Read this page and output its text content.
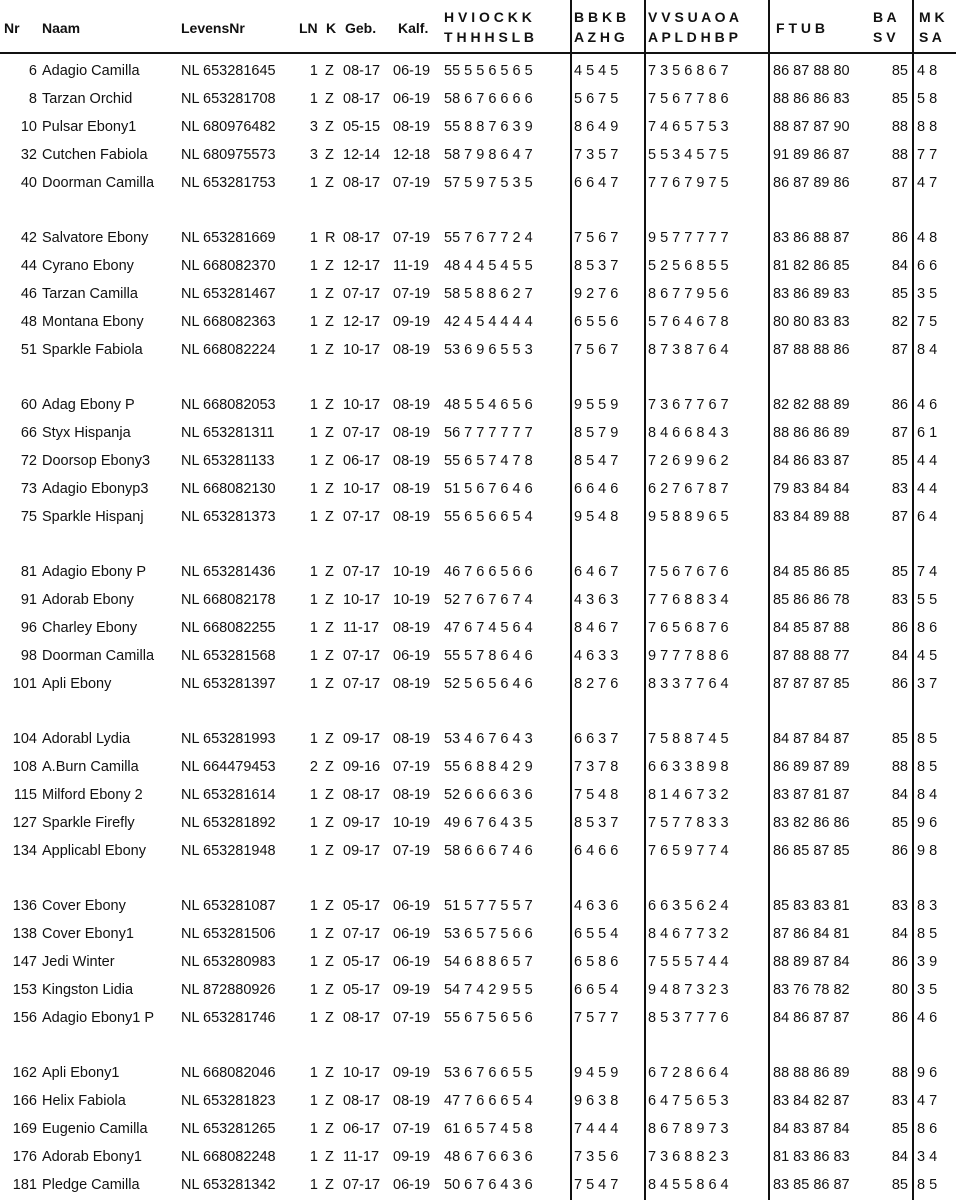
Nr Naam	LevensNr	LN K Geb. Kalf.
H V I O C K K
T H H H S L B
B B K B
A Z H G
V V S U A O A
A P L D H B P
F T U B
B A
S V
M K
S A
6 Adagio Camilla	NL 653281645 1 Z 08-17 06-19 55 5 5 6 5 6 5	4 5 4 5 7 3 5 6 8 6 7	86 87 88 80	85 4 8
8 Tarzan Orchid	NL 653281708 1 Z 08-17 06-19 58 6 7 6 6 6 6	5 6 7 5 7 5 6 7 7 8 6	88 86 86 83	85 5 8
10 Pulsar Ebony1	NL 680976482 3 Z 05-15 08-19 55 8 8 7 6 3 9	8 6 4 9 7 4 6 5 7 5 3	88 87 87 90	88 8 8
32 Cutchen Fabiola NL 680975573 3 Z 12-14 12-18 58 7 9 8 6 4 7	7 3 5 7 5 5 3 4 5 7 5	91 89 86 87	88 7 7
40 Doorman Camilla NL 653281753 1 Z 08-17 07-19 57 5 9 7 5 3 5	6 6 4 7 7 7 6 7 9 7 5	86 87 89 86	87 4 7
42 Salvatore Ebony NL 653281669 1 R 08-17 07-19 55 7 6 7 7 2 4	7 5 6 7 9 5 7 7 7 7 7	83 86 88 87	86 4 8
44 Cyrano Ebony	NL 668082370 1 Z 12-17 11-19 48 4 4 5 4 5 5	8 5 3 7 5 2 5 6 8 5 5	81 82 86 85	84 6 6
46 Tarzan Camilla	NL 653281467 1 Z 07-17 07-19 58 5 8 8 6 2 7	9 2 7 6 8 6 7 7 9 5 6	83 86 89 83	85 3 5
48 Montana Ebony	NL 668082363 1 Z 12-17 09-19 42 4 5 4 4 4 4	6 5 5 6 5 7 6 4 6 7 8	80 80 83 83	82 7 5
51 Sparkle Fabiola	NL 668082224 1 Z 10-17 08-19 53 6 9 6 5 5 3	7 5 6 7 8 7 3 8 7 6 4	87 88 88 86	87 8 4
60 Adag Ebony P	NL 668082053 1 Z 10-17 08-19 48 5 5 4 6 5 6	9 5 5 9 7 3 6 7 7 6 7	82 82 88 89	86 4 6
66 Styx Hispanja	NL 653281311 1 Z 07-17 08-19 56 7 7 7 7 7 7	8 5 7 9 8 4 6 6 8 4 3	88 86 86 89	87 6 1
72 Doorsop Ebony3 NL 653281133 1 Z 06-17 08-19 55 6 5 7 4 7 8	8 5 4 7 7 2 6 9 9 6 2	84 86 83 87	85 4 4
73 Adagio Ebonyp3 NL 668082130 1 Z 10-17 08-19 51 5 6 7 6 4 6	6 6 4 6 6 2 7 6 7 8 7	79 83 84 84	83 4 4
75 Sparkle Hispanj	NL 653281373 1 Z 07-17 08-19 55 6 5 6 6 5 4	9 5 4 8 9 5 8 8 9 6 5	83 84 89 88	87 6 4
81 Adagio Ebony P NL 653281436 1 Z 07-17 10-19 46 7 6 6 5 6 6	6 4 6 7 7 5 6 7 6 7 6	84 85 86 85	85 7 4
91 Adorab Ebony	NL 668082178 1 Z 10-17 10-19 52 7 6 7 6 7 4	4 3 6 3 7 7 6 8 8 3 4	85 86 86 78	83 5 5
96 Charley Ebony	NL 668082255 1 Z 11-17 08-19 47 6 7 4 5 6 4	8 4 6 7 7 6 5 6 8 7 6	84 85 87 88	86 8 6
98 Doorman Camilla NL 653281568 1 Z 07-17 06-19 55 5 7 8 6 4 6	4 6 3 3 9 7 7 7 8 8 6	87 88 88 77	84 4 5
101 Apli Ebony	NL 653281397 1 Z 07-17 08-19 52 5 6 5 6 4 6	8 2 7 6 8 3 3 7 7 6 4	87 87 87 85	86 3 7
104 Adorabl Lydia	NL 653281993 1 Z 09-17 08-19 53 4 6 7 6 4 3	6 6 3 7 7 5 8 8 7 4 5	84 87 84 87	85 8 5
108 A.Burn Camilla	NL 664479453 2 Z 09-16 07-19 55 6 8 8 4 2 9	7 3 7 8 6 6 3 3 8 9 8	86 89 87 89	88 8 5
115 Milford Ebony 2	NL 653281614 1 Z 08-17 08-19 52 6 6 6 6 3 6	7 5 4 8 8 1 4 6 7 3 2	83 87 81 87	84 8 4
127 Sparkle Firefly	NL 653281892 1 Z 09-17 10-19 49 6 7 6 4 3 5	8 5 3 7 7 5 7 7 8 3 3	83 82 86 86	85 9 6
134 Applicabl Ebony NL 653281948 1 Z 09-17 07-19 58 6 6 6 7 4 6	6 4 6 6 7 6 5 9 7 7 4	86 85 87 85	86 9 8
136 Cover Ebony	NL 653281087 1 Z 05-17 06-19 51 5 7 7 5 5 7	4 6 3 6 6 6 3 5 6 2 4	85 83 83 81	83 8 3
138 Cover Ebony1	NL 653281506 1 Z 07-17 06-19 53 6 5 7 5 6 6	6 5 5 4 8 4 6 7 7 3 2	87 86 84 81	84 8 5
147 Jedi Winter	NL 653280983 1 Z 05-17 06-19 54 6 8 8 6 5 7	6 5 8 6 7 5 5 5 7 4 4	88 89 87 84	86 3 9
153 Kingston Lidia	NL 872880926 1 Z 05-17 09-19 54 7 4 2 9 5 5	6 6 5 4 9 4 8 7 3 2 3	83 76 78 82	80 3 5
156 Adagio Ebony1 P NL 653281746 1 Z 08-17 07-19 55 6 7 5 6 5 6	7 5 7 7 8 5 3 7 7 7 6	84 86 87 87	86 4 6
162 Apli Ebony1	NL 668082046 1 Z 10-17 09-19 53 6 7 6 6 5 5	9 4 5 9 6 7 2 8 6 6 4	88 88 86 89	88 9 6
166 Helix Fabiola	NL 653281823 1 Z 08-17 08-19 47 7 6 6 6 5 4	9 6 3 8 6 4 7 5 6 5 3	83 84 82 87	83 4 7
169 Eugenio Camilla NL 653281265 1 Z 06-17 07-19 61 6 5 7 4 5 8	7 4 4 4 8 6 7 8 9 7 3	84 83 87 84	85 8 6
176 Adorab Ebony1	NL 668082248 1 Z 11-17 09-19 48 6 7 6 6 3 6	7 3 5 6 7 3 6 8 8 2 3	81 83 86 83	84 3 4
181 Pledge Camilla	NL 653281342 1 Z 07-17 06-19 50 6 7 6 4 3 6	7 5 4 7 8 4 5 5 8 6 4	83 85 86 87	85 8 5
